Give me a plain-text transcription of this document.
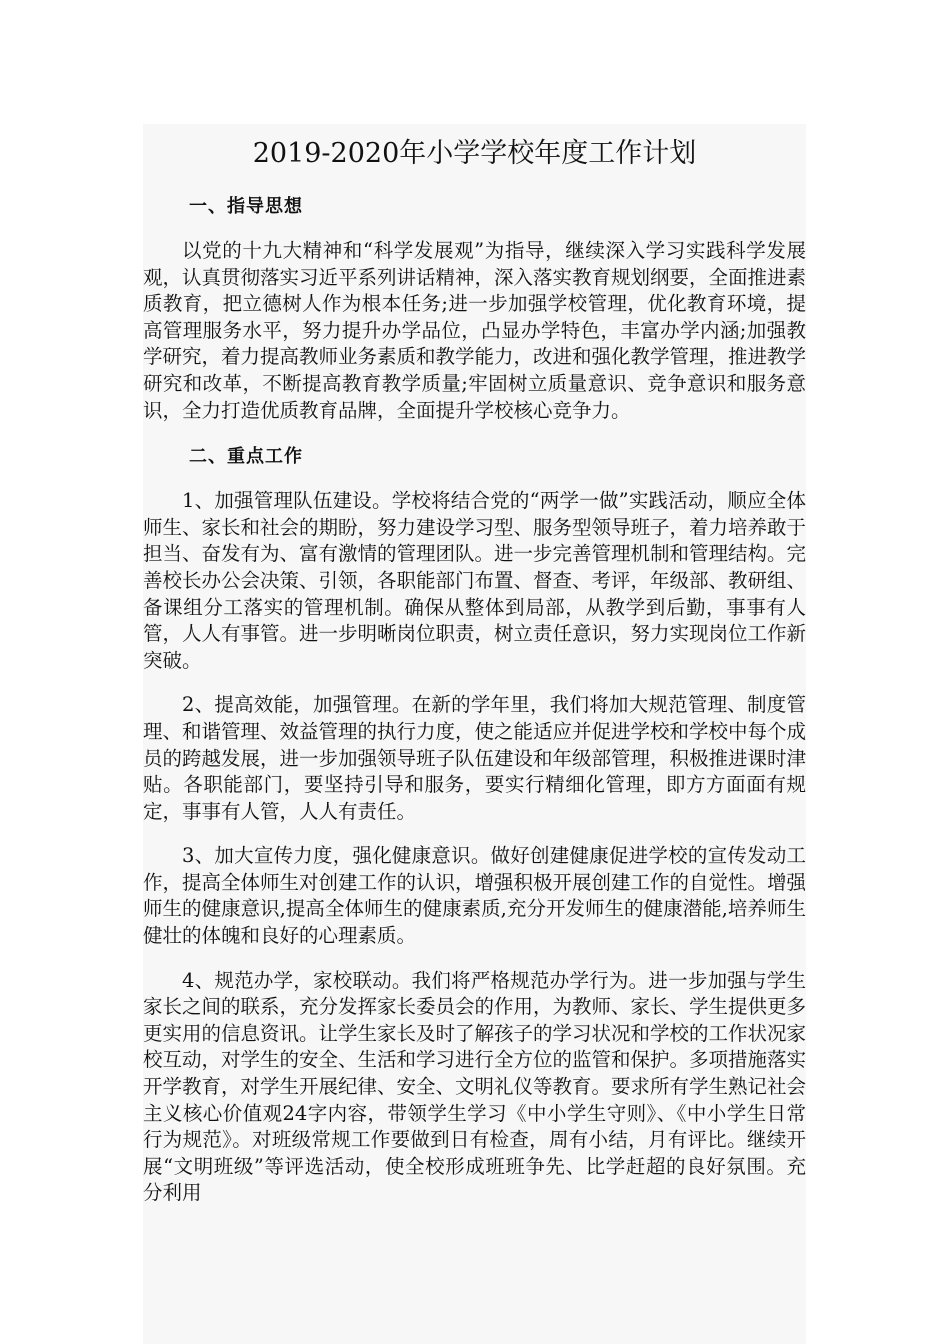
2019-2020年小学学校年度工作计划
一、指导思想

以党的十九大精神和“科学发展观”为指导，继续深入学习实践科学发展观，认真贯彻落实习近平系列讲话精神，深入落实教育规划纲要，全面推进素质教育，把立德树人作为根本任务;进一步加强学校管理，优化教育环境，提高管理服务水平，努力提升办学品位，凸显办学特色，丰富办学内涵;加强教学研究，着力提高教师业务素质和教学能力，改进和强化教学管理，推进教学研究和改革，不断提高教育教学质量;牢固树立质量意识、竞争意识和服务意识，全力打造优质教育品牌，全面提升学校核心竞争力。

二、重点工作

1、加强管理队伍建设。学校将结合党的“两学一做”实践活动，顺应全体师生、家长和社会的期盼，努力建设学习型、服务型领导班子，着力培养敢于担当、奋发有为、富有激情的管理团队。进一步完善管理机制和管理结构。完善校长办公会决策、引领，各职能部门布置、督查、考评，年级部、教研组、备课组分工落实的管理机制。确保从整体到局部，从教学到后勤，事事有人管，人人有事管。进一步明晰岗位职责，树立责任意识，努力实现岗位工作新突破。

2、提高效能，加强管理。在新的学年里，我们将加大规范管理、制度管理、和谐管理、效益管理的执行力度，使之能适应并促进学校和学校中每个成员的跨越发展，进一步加强领导班子队伍建设和年级部管理，积极推进课时津贴。各职能部门，要坚持引导和服务，要实行精细化管理，即方方面面有规定，事事有人管，人人有责任。

3、加大宣传力度，强化健康意识。做好创建健康促进学校的宣传发动工作，提高全体师生对创建工作的认识，增强积极开展创建工作的自觉性。增强师生的健康意识,提高全体师生的健康素质,充分开发师生的健康潜能,培养师生健壮的体魄和良好的心理素质。

4、规范办学，家校联动。我们将严格规范办学行为。进一步加强与学生家长之间的联系，充分发挥家长委员会的作用，为教师、家长、学生提供更多更实用的信息资讯。让学生家长及时了解孩子的学习状况和学校的工作状况家校互动，对学生的安全、生活和学习进行全方位的监管和保护。多项措施落实开学教育，对学生开展纪律、安全、文明礼仪等教育。要求所有学生熟记社会主义核心价值观24字内容，带领学生学习《中小学生守则》、《中小学生日常行为规范》。对班级常规工作要做到日有检查，周有小结，月有评比。继续开展“文明班级”等评选活动，使全校形成班班争先、比学赶超的良好氛围。充分利用
